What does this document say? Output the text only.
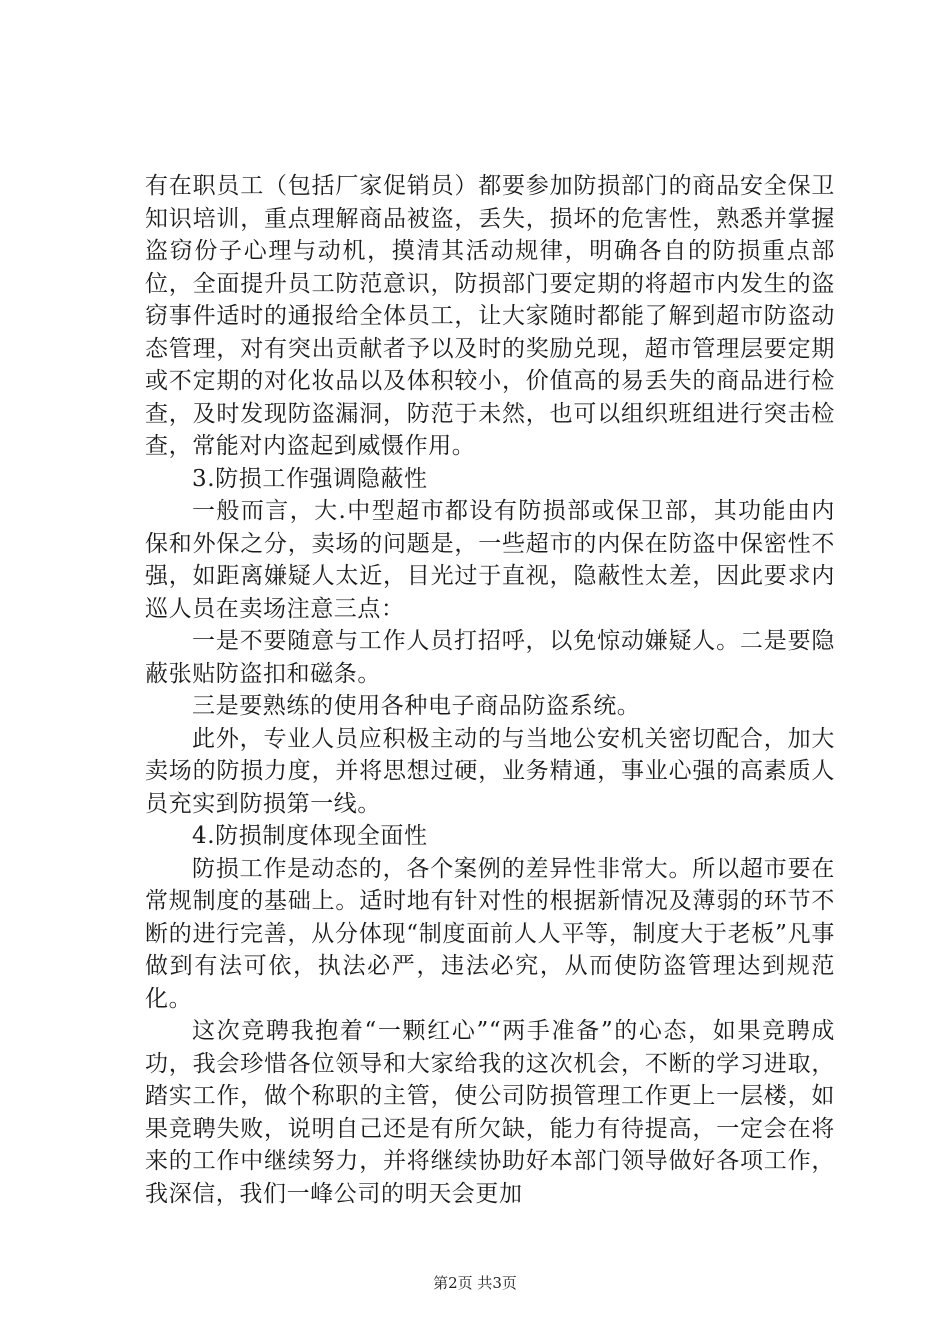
有在职员工（包括厂家促销员）都要参加防损部门的商品安全保卫知识培训，重点理解商品被盗，丢失，损坏的危害性，熟悉并掌握盗窃份子心理与动机，摸清其活动规律，明确各自的防损重点部位，全面提升员工防范意识，防损部门要定期的将超市内发生的盗窃事件适时的通报给全体员工，让大家随时都能了解到超市防盗动态管理，对有突出贡献者予以及时的奖励兑现，超市管理层要定期或不定期的对化妆品以及体积较小，价值高的易丢失的商品进行检查，及时发现防盗漏洞，防范于未然，也可以组织班组进行突击检查，常能对内盗起到威慑作用。

3.防损工作强调隐蔽性

一般而言，大.中型超市都设有防损部或保卫部，其功能由内保和外保之分，卖场的问题是，一些超市的内保在防盗中保密性不强，如距离嫌疑人太近，目光过于直视，隐蔽性太差，因此要求内巡人员在卖场注意三点：

一是不要随意与工作人员打招呼，以免惊动嫌疑人。二是要隐蔽张贴防盗扣和磁条。

三是要熟练的使用各种电子商品防盗系统。

此外，专业人员应积极主动的与当地公安机关密切配合，加大卖场的防损力度，并将思想过硬，业务精通，事业心强的高素质人员充实到防损第一线。

4.防损制度体现全面性

防损工作是动态的，各个案例的差异性非常大。所以超市要在常规制度的基础上。适时地有针对性的根据新情况及薄弱的环节不断的进行完善，从分体现“制度面前人人平等，制度大于老板”凡事做到有法可依，执法必严，违法必究，从而使防盗管理达到规范化。

这次竞聘我抱着“一颗红心”“两手准备”的心态，如果竞聘成功，我会珍惜各位领导和大家给我的这次机会，不断的学习进取，踏实工作，做个称职的主管，使公司防损管理工作更上一层楼，如果竞聘失败，说明自己还是有所欠缺，能力有待提高，一定会在将来的工作中继续努力，并将继续协助好本部门领导做好各项工作，我深信，我们一峰公司的明天会更加

第2页 共3页
